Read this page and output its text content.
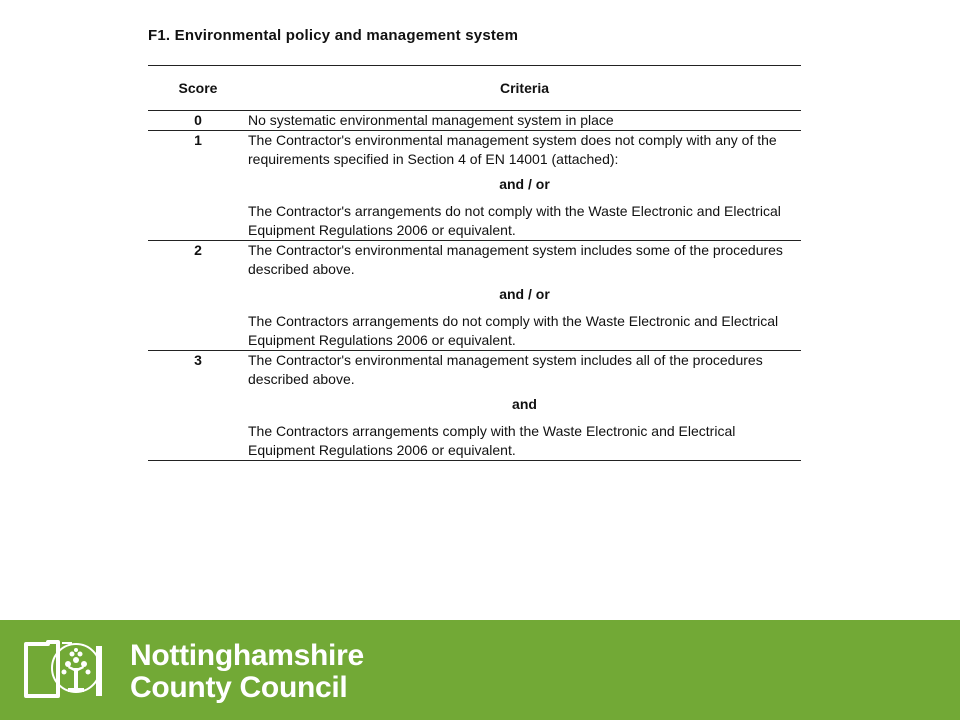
F1. Environmental policy and management system
Score	Criteria
0	No systematic environmental management system in place

1	The Contractor's environmental management system does not comply with any of the requirements specified in Section 4 of EN 14001 (attached):
and / or
The Contractor's arrangements do not comply with the Waste Electronic and Electrical Equipment Regulations 2006 or equivalent.

2	The Contractor's environmental management system includes some of the procedures described above.
and / or
The Contractors arrangements do not comply with the Waste Electronic and Electrical Equipment Regulations 2006 or equivalent.

3	The Contractor's environmental management system includes all of the procedures described above.
and
The Contractors arrangements comply with the Waste Electronic and Electrical Equipment Regulations 2006 or equivalent.
Nottinghamshire
County Council
